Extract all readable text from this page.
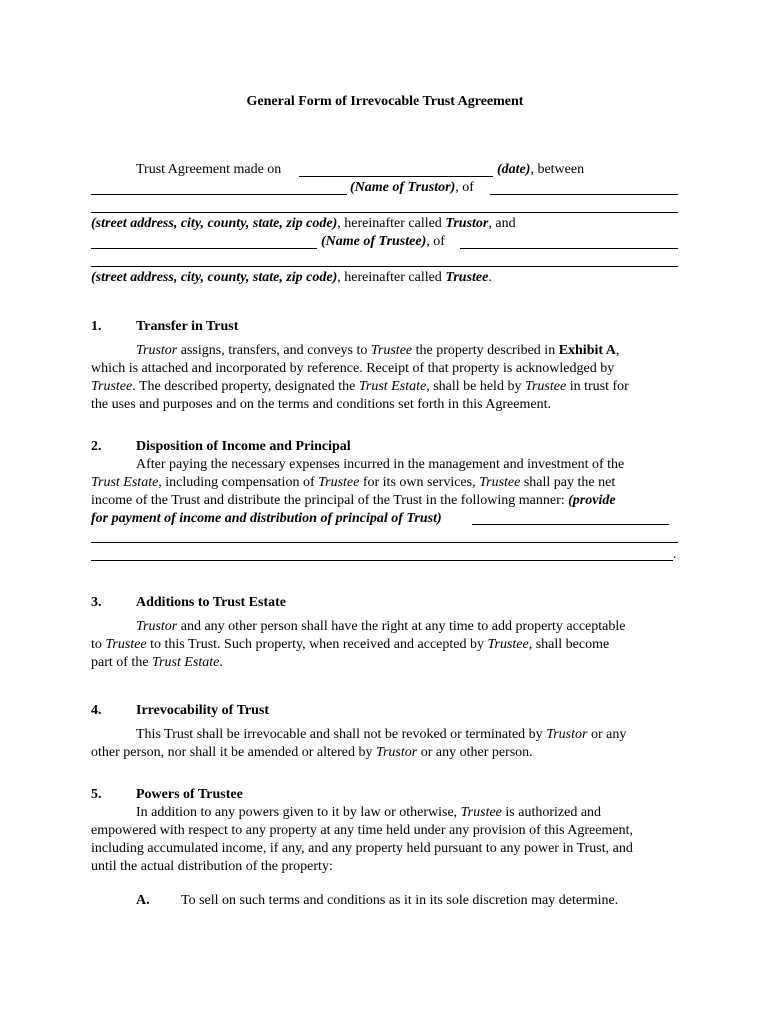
General Form of Irrevocable Trust Agreement
Trust Agreement made on	(date), between
(Name of Trustor), of
(street address, city, county, state, zip code), hereinafter called Trustor, and
(Name of Trustee), of
(street address, city, county, state, zip code), hereinafter called Trustee.
1. Transfer in Trust
Trustor assigns, transfers, and conveys to Trustee the property described in Exhibit A,
which is attached and incorporated by reference. Receipt of that property is acknowledged by
Trustee. The described property, designated the Trust Estate, shall be held by Trustee in trust for
the uses and purposes and on the terms and conditions set forth in this Agreement.
2. Disposition of Income and Principal
After paying the necessary expenses incurred in the management and investment of the
Trust Estate, including compensation of Trustee for its own services, Trustee shall pay the net
income of the Trust and distribute the principal of the Trust in the following manner: (provide
for payment of income and distribution of principal of Trust)
.
3. Additions to Trust Estate
Trustor and any other person shall have the right at any time to add property acceptable
to Trustee to this Trust. Such property, when received and accepted by Trustee, shall become
part of the Trust Estate.
4. Irrevocability of Trust
This Trust shall be irrevocable and shall not be revoked or terminated by Trustor or any
other person, nor shall it be amended or altered by Trustor or any other person.
5. Powers of Trustee
In addition to any powers given to it by law or otherwise, Trustee is authorized and
empowered with respect to any property at any time held under any provision of this Agreement,
including accumulated income, if any, and any property held pursuant to any power in Trust, and
until the actual distribution of the property:
A. To sell on such terms and conditions as it in its sole discretion may determine.
